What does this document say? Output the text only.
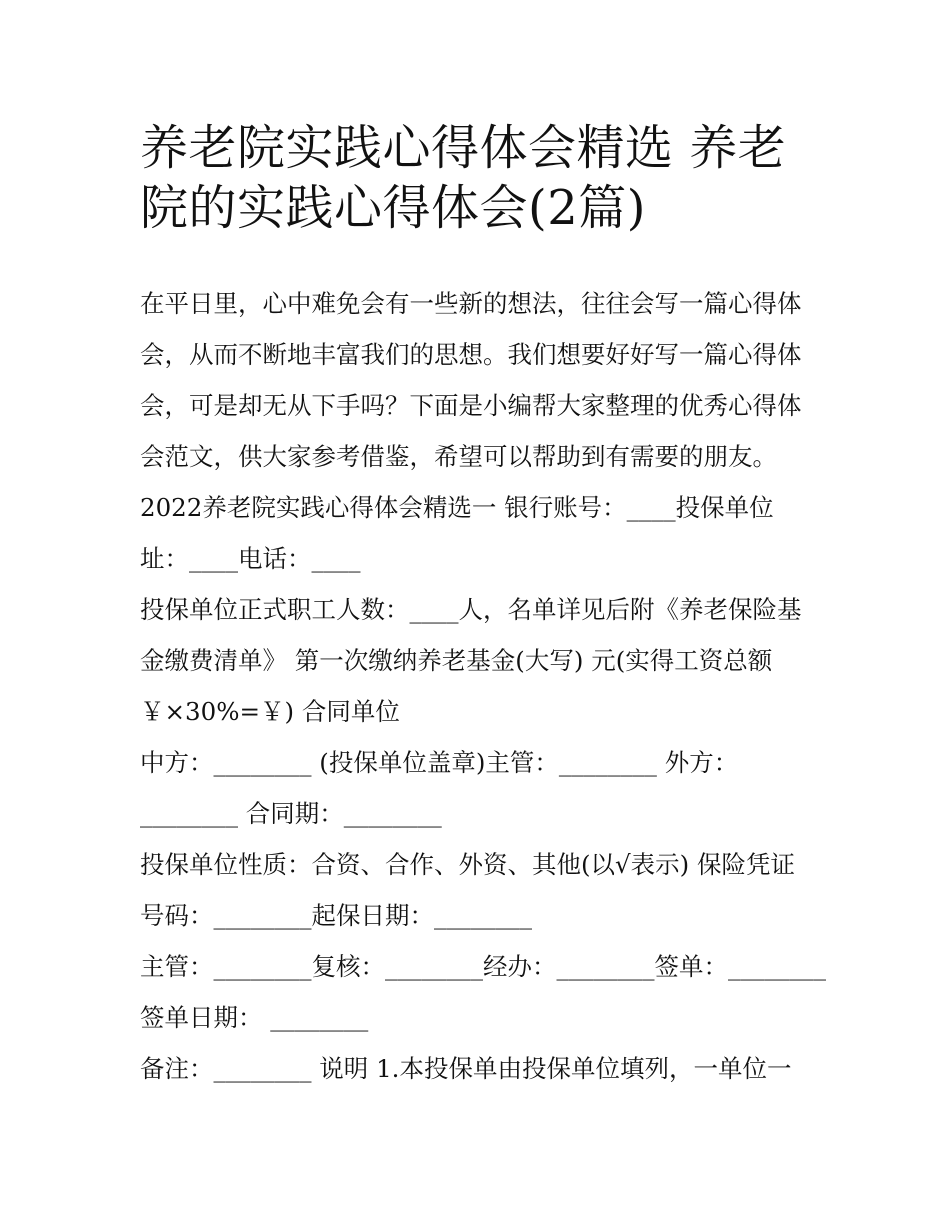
养老院实践心得体会精选 养老
院的实践心得体会(2篇)
在平日里，心中难免会有一些新的想法，往往会写一篇心得体
会，从而不断地丰富我们的思想。我们想要好好写一篇心得体
会，可是却无从下手吗？下面是小编帮大家整理的优秀心得体
会范文，供大家参考借鉴，希望可以帮助到有需要的朋友。
2022养老院实践心得体会精选一 银行账号：____投保单位
址：____电话：____
投保单位正式职工人数：____人，名单详见后附《养老保险基
金缴费清单》 第一次缴纳养老基金(大写) 元(实得工资总额
￥×30%=￥) 合同单位
中方：________ (投保单位盖章)主管：________ 外方：
________ 合同期：________
投保单位性质：合资、合作、外资、其他(以√表示) 保险凭证
号码：________起保日期：________
主管：________复核：________经办：________签单：________
签单日期： ________
备注：________ 说明 1.本投保单由投保单位填列，一单位一
